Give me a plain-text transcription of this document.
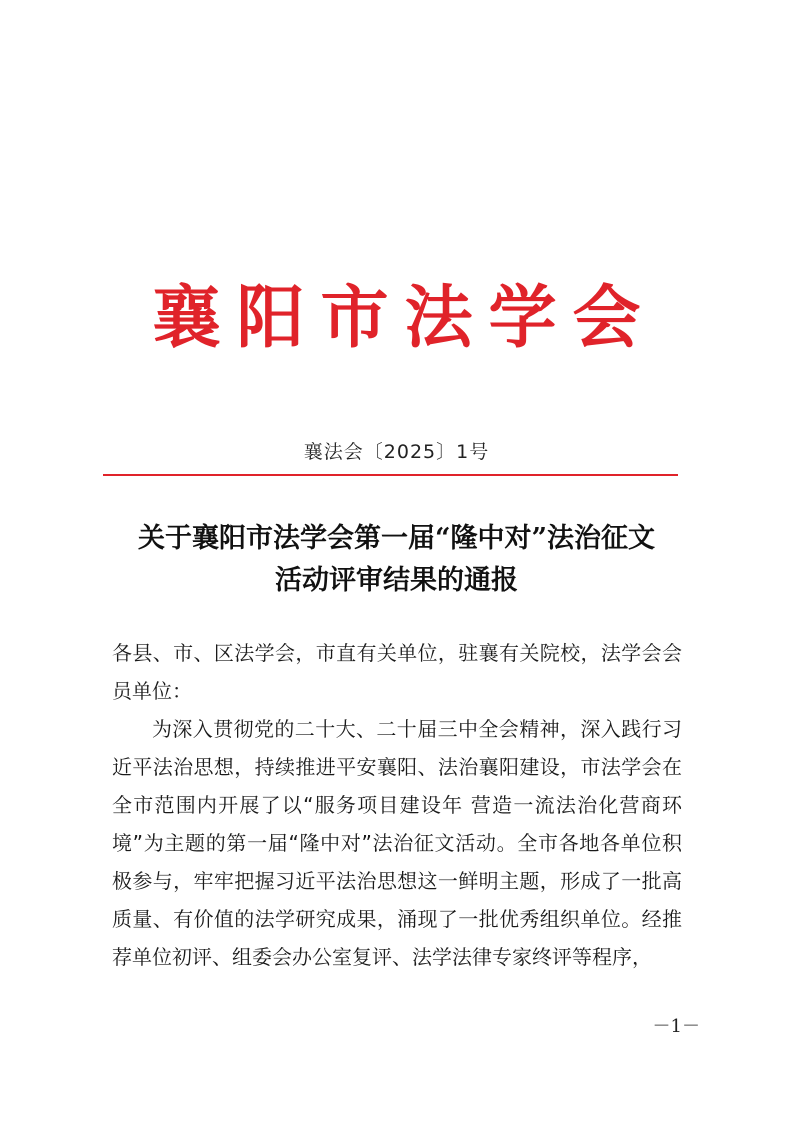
襄阳市法学会
襄法会〔2025〕1号
关于襄阳市法学会第一届“隆中对”法治征文
活动评审结果的通报

各县、市、区法学会，市直有关单位，驻襄有关院校，法学会会员单位：

为深入贯彻党的二十大、二十届三中全会精神，深入践行习近平法治思想，持续推进平安襄阳、法治襄阳建设，市法学会在全市范围内开展了以“服务项目建设年 营造一流法治化营商环境”为主题的第一届“隆中对”法治征文活动。全市各地各单位积极参与，牢牢把握习近平法治思想这一鲜明主题，形成了一批高质量、有价值的法学研究成果，涌现了一批优秀组织单位。经推荐单位初评、组委会办公室复评、法学法律专家终评等程序，

－1－
